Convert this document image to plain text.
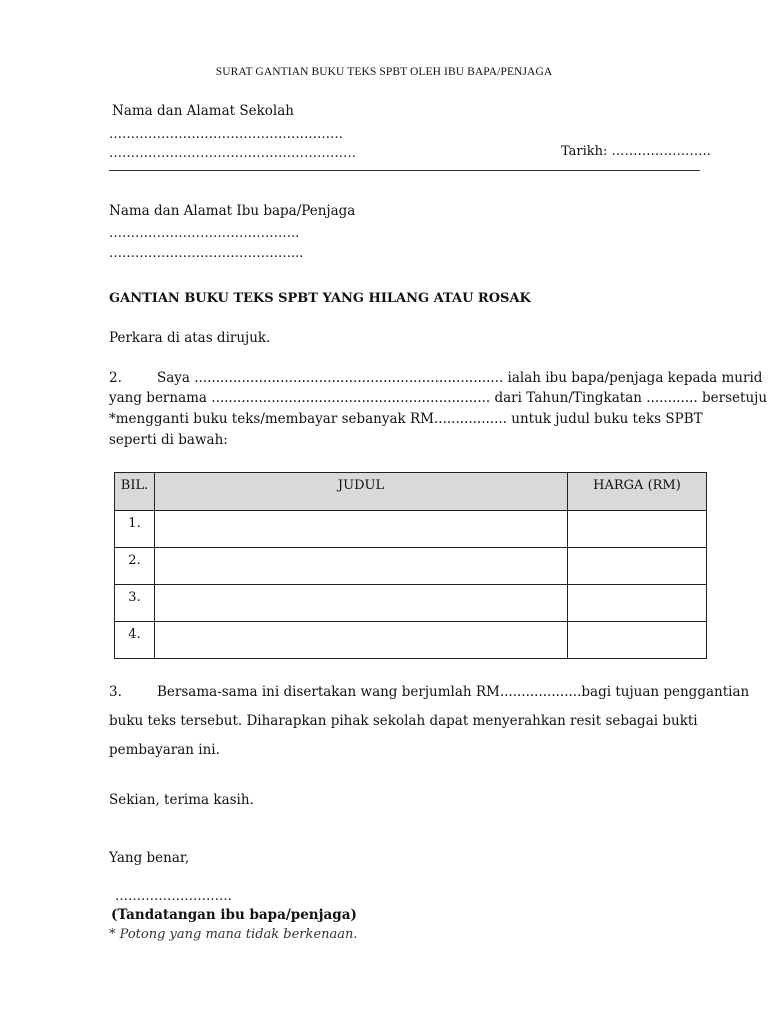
SURAT GANTIAN BUKU TEKS SPBT OLEH IBU BAPA/PENJAGA
Nama dan Alamat Sekolah
………………………………………………
…………………………………………………	Tarikh: …………………..
Nama dan Alamat Ibu bapa/Penjaga
……………………………………..
……………………………………...
GANTIAN BUKU TEKS SPBT YANG HILANG ATAU ROSAK
Perkara di atas dirujuk.
2.	Saya ........................................................................ ialah ibu bapa/penjaga kepada murid
yang bernama ................................................................. dari Tahun/Tingkatan ............ bersetuju
*mengganti buku teks/membayar sebanyak RM................. untuk judul buku teks SPBT
seperti di bawah:
BIL.	JUDUL	HARGA (RM)
1.		
2.		
3.		
4.		
3.	Bersama-sama ini disertakan wang berjumlah RM...................bagi tujuan penggantian
buku teks tersebut. Diharapkan pihak sekolah dapat menyerahkan resit sebagai bukti
pembayaran ini.
Sekian, terima kasih.
Yang benar,
………………………
(Tandatangan ibu bapa/penjaga)
* Potong yang mana tidak berkenaan.
